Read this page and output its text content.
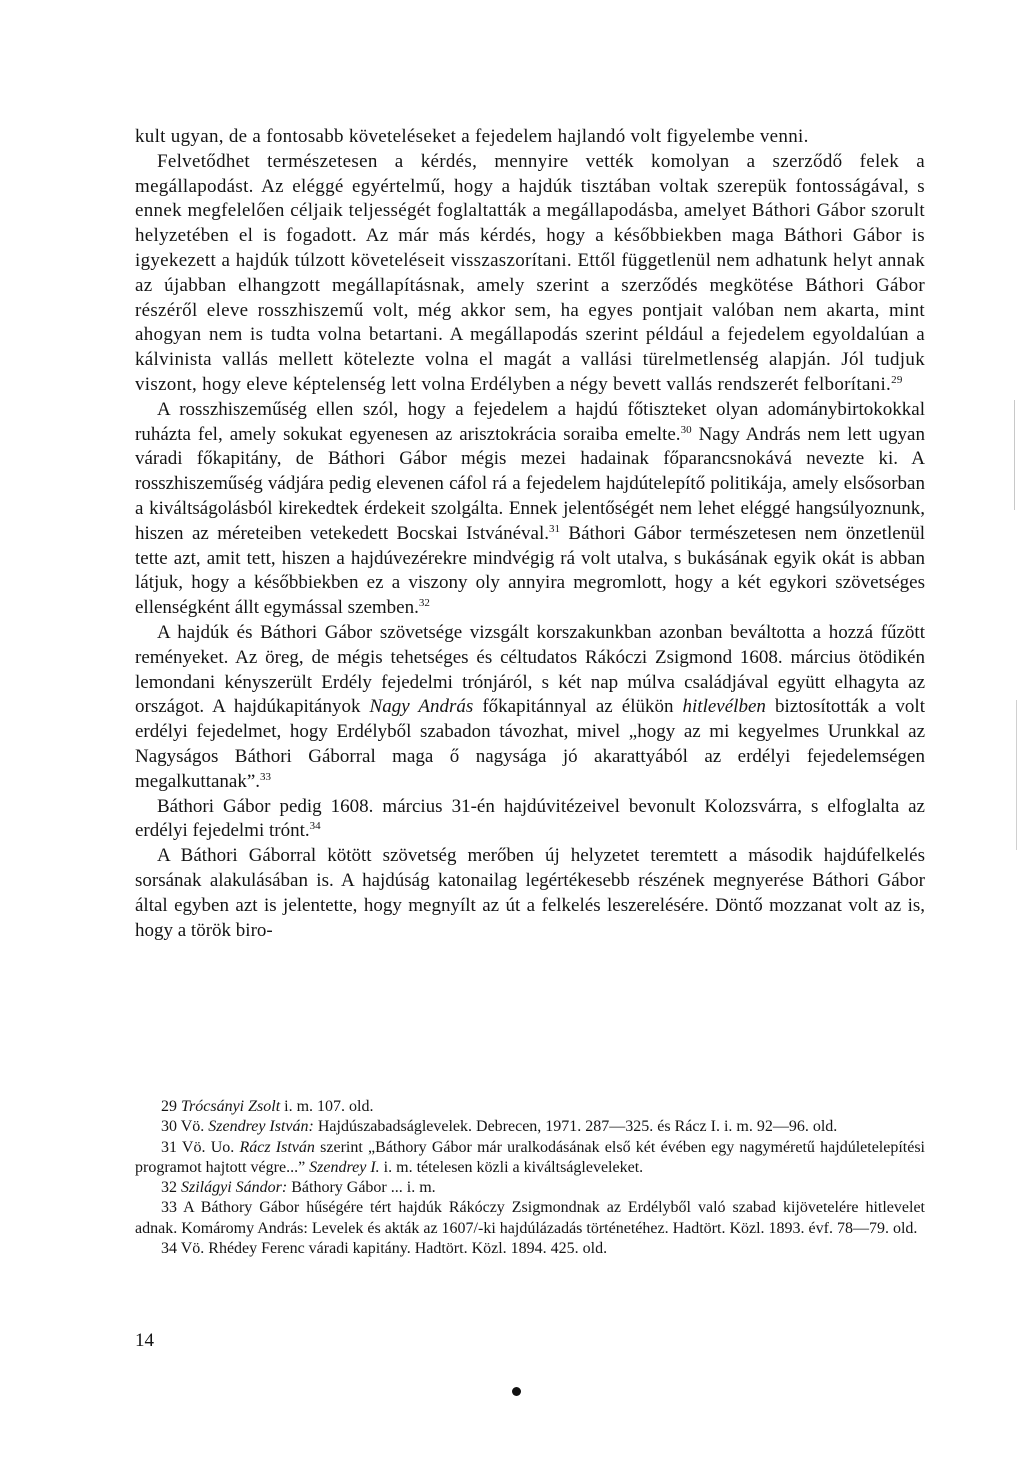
kult ugyan, de a fontosabb követeléseket a fejedelem hajlandó volt figyelembe venni.

Felvetődhet természetesen a kérdés, mennyire vették komolyan a szerződő felek a megállapodást. Az eléggé egyértelmű, hogy a hajdúk tisztában voltak szerepük fontosságával, s ennek megfelelően céljaik teljességét foglaltatták a megállapodásba, amelyet Báthori Gábor szorult helyzetében el is fogadott. Az már más kérdés, hogy a későbbiekben maga Báthori Gábor is igyekezett a hajdúk túlzott követeléseit visszaszorítani. Ettől függetlenül nem adhatunk helyt annak az újabban elhangzott megállapításnak, amely szerint a szerződés megkötése Báthori Gábor részéről eleve rosszhiszemű volt, még akkor sem, ha egyes pontjait valóban nem akarta, mint ahogyan nem is tudta volna betartani. A megállapodás szerint például a fejedelem egyoldalúan a kálvinista vallás mellett kötelezte volna el magát a vallási türelmetlenség alapján. Jól tudjuk viszont, hogy eleve képtelenség lett volna Erdélyben a négy bevett vallás rendszerét felborítani.$^{29}$

A rosszhiszeműség ellen szól, hogy a fejedelem a hajdú főtiszteket olyan adománybirtokokkal ruházta fel, amely sokukat egyenesen az arisztokrácia soraiba emelte.$^{30}$ Nagy András nem lett ugyan váradi főkapitány, de Báthori Gábor mégis mezei hadainak főparancsnokává nevezte ki. A rosszhiszeműség vádjára pedig elevenen cáfol rá a fejedelem hajdútelepítő politikája, amely elsősorban a kiváltságolásból kirekedtek érdekeit szolgálta. Ennek jelentőségét nem lehet eléggé hangsúlyoznunk, hiszen az méreteiben vetekedett Bocskai Istvánéval.$^{31}$ Báthori Gábor természetesen nem önzetlenül tette azt, amit tett, hiszen a hajdúvezérekre mindvégig rá volt utalva, s bukásának egyik okát is abban látjuk, hogy a későbbiekben ez a viszony oly annyira megromlott, hogy a két egykori szövetséges ellenségként állt egymással szemben.$^{32}$

A hajdúk és Báthori Gábor szövetsége vizsgált korszakunkban azonban beváltotta a hozzá fűzött reményeket. Az öreg, de mégis tehetséges és céltudatos Rákóczi Zsigmond 1608. március ötödikén lemondani kényszerült Erdély fejedelmi trónjáról, s két nap múlva családjával együtt elhagyta az országot. A hajdúkapitányok Nagy András főkapitánnyal az élükön hitlevélben biztosították a volt erdélyi fejedelmet, hogy Erdélyből szabadon távozhat, mivel „hogy az mi kegyelmes Urunkkal az Nagyságos Báthori Gáborral maga ő nagysága jó akarattyából az erdélyi fejedelemségen megalkuttanak”.$^{33}$

Báthori Gábor pedig 1608. március 31-én hajdúvitézeivel bevonult Kolozsvárra, s elfoglalta az erdélyi fejedelmi trónt.$^{34}$

A Báthori Gáborral kötött szövetség merőben új helyzetet teremtett a második hajdúfelkelés sorsának alakulásában is. A hajdúság katonailag legértékesebb részének megnyerése Báthori Gábor által egyben azt is jelentette, hogy megnyílt az út a felkelés leszerelésére. Döntő mozzanat volt az is, hogy a török biro-

29 Trócsányi Zsolt i. m. 107. old.

30 Vö. Szendrey István: Hajdúszabadságlevelek. Debrecen, 1971. 287—325. és Rácz I. i. m. 92—96. old.

31 Vö. Uo. Rácz István szerint „Báthory Gábor már uralkodásának első két évében egy nagyméretű hajdúletelepítési programot hajtott végre...” Szendrey I. i. m. tételesen közli a kiváltságleveleket.

32 Szilágyi Sándor: Báthory Gábor ... i. m.

33 A Báthory Gábor hűségére tért hajdúk Rákóczy Zsigmondnak az Erdélyből való szabad kijövetelére hitlevelet adnak. Komáromy András: Levelek és akták az 1607/-ki hajdúlázadás történetéhez. Hadtört. Közl. 1893. évf. 78—79. old.

34 Vö. Rhédey Ferenc váradi kapitány. Hadtört. Közl. 1894. 425. old.

14
